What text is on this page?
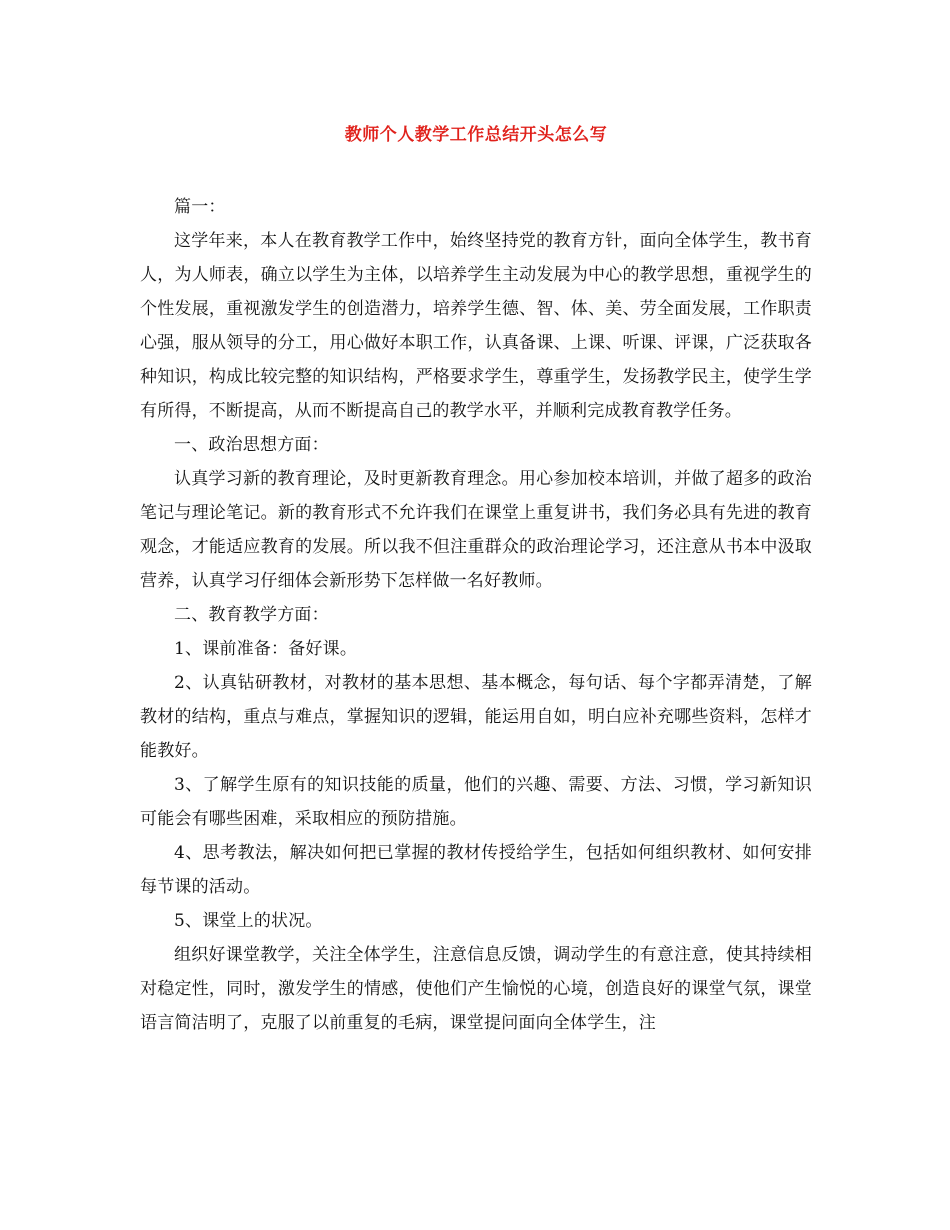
教师个人教学工作总结开头怎么写

篇一：

这学年来，本人在教育教学工作中，始终坚持党的教育方针，面向全体学生，教书育人，为人师表，确立以学生为主体，以培养学生主动发展为中心的教学思想，重视学生的个性发展，重视激发学生的创造潜力，培养学生德、智、体、美、劳全面发展，工作职责心强，服从领导的分工，用心做好本职工作，认真备课、上课、听课、评课，广泛获取各种知识，构成比较完整的知识结构，严格要求学生，尊重学生，发扬教学民主，使学生学有所得，不断提高，从而不断提高自己的教学水平，并顺利完成教育教学任务。

一、政治思想方面：

认真学习新的教育理论，及时更新教育理念。用心参加校本培训，并做了超多的政治笔记与理论笔记。新的教育形式不允许我们在课堂上重复讲书，我们务必具有先进的教育观念，才能适应教育的发展。所以我不但注重群众的政治理论学习，还注意从书本中汲取营养，认真学习仔细体会新形势下怎样做一名好教师。

二、教育教学方面：

1、课前准备：备好课。

2、认真钻研教材，对教材的基本思想、基本概念，每句话、每个字都弄清楚，了解教材的结构，重点与难点，掌握知识的逻辑，能运用自如，明白应补充哪些资料，怎样才能教好。

3、了解学生原有的知识技能的质量，他们的兴趣、需要、方法、习惯，学习新知识可能会有哪些困难，采取相应的预防措施。

4、思考教法，解决如何把已掌握的教材传授给学生，包括如何组织教材、如何安排每节课的活动。

5、课堂上的状况。

组织好课堂教学，关注全体学生，注意信息反馈，调动学生的有意注意，使其持续相对稳定性，同时，激发学生的情感，使他们产生愉悦的心境，创造良好的课堂气氛，课堂语言简洁明了，克服了以前重复的毛病，课堂提问面向全体学生，注
